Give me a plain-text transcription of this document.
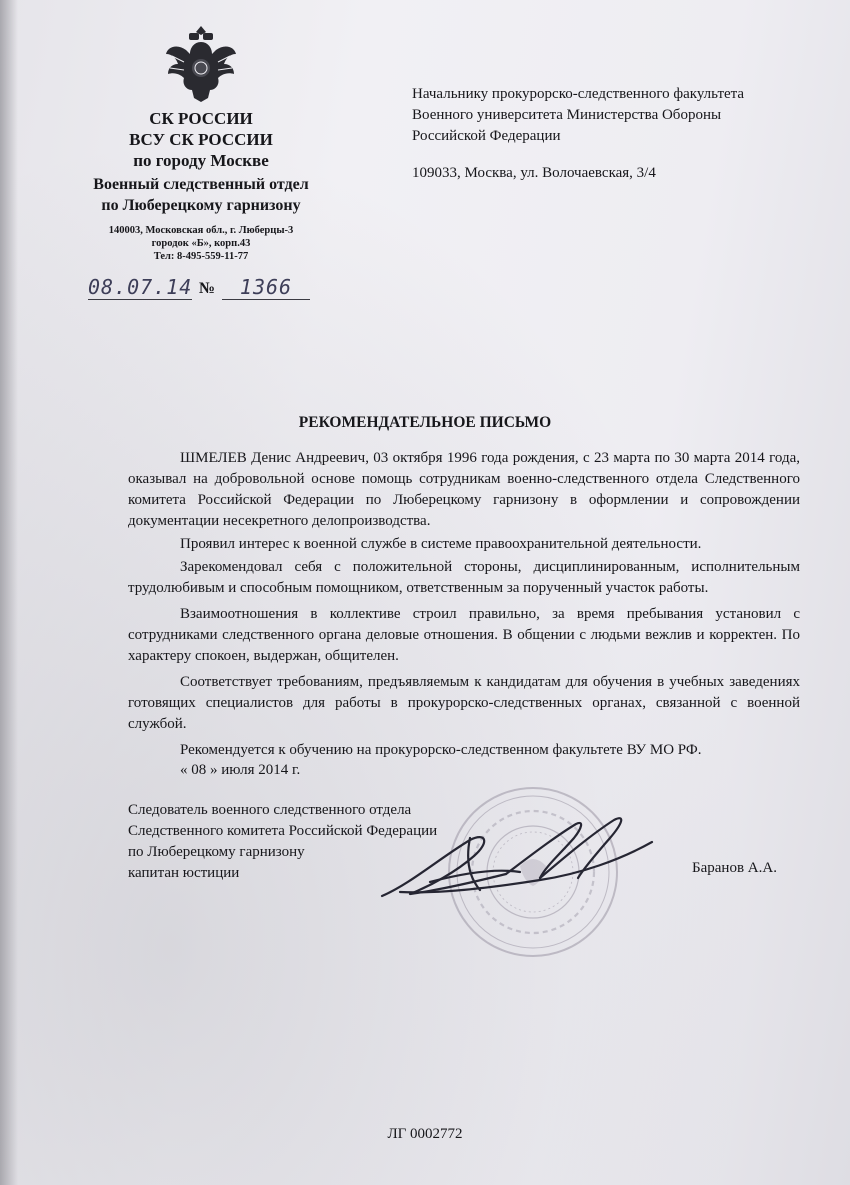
СК РОССИИ
ВСУ СК РОССИИ
по городу Москве
Военный следственный отдел
по Люберецкому гарнизону
140003, Московская обл., г. Люберцы-3
городок «Б», корп.43
Тел: 8-495-559-11-77
08.07.14 №	1366
Начальнику прокурорско-следственного факультета
Военного университета Министерства Обороны
Российской Федерации
109033, Москва, ул. Волочаевская, 3/4
РЕКОМЕНДАТЕЛЬНОЕ ПИСЬМО

ШМЕЛЕВ Денис Андреевич, 03 октября 1996 года рождения, с 23 марта по 30 марта 2014 года, оказывал на добровольной основе помощь сотрудникам военно-следственного отдела Следственного комитета Российской Федерации по Люберецкому гарнизону в оформлении и сопровождении документации несекретного делопроизводства.

Проявил интерес к военной службе в системе правоохранительной деятельности.

Зарекомендовал себя с положительной стороны, дисциплинированным, исполнительным трудолюбивым и способным помощником, ответственным за порученный участок работы.

Взаимоотношения в коллективе строил правильно, за время пребывания установил с сотрудниками следственного органа деловые отношения. В общении с людьми вежлив и корректен. По характеру спокоен, выдержан, общителен.

Соответствует требованиям, предъявляемым к кандидатам для обучения в учебных заведениях готовящих специалистов для работы в прокурорско-следственных органах, связанной с военной службой.

Рекомендуется к обучению на прокурорско-следственном факультете ВУ МО РФ.

« 08 » июля 2014 г.
Следователь военного следственного отдела
Следственного комитета Российской Федерации
по Люберецкому гарнизону
капитан юстиции	Баранов А.А.
ЛГ 0002772
